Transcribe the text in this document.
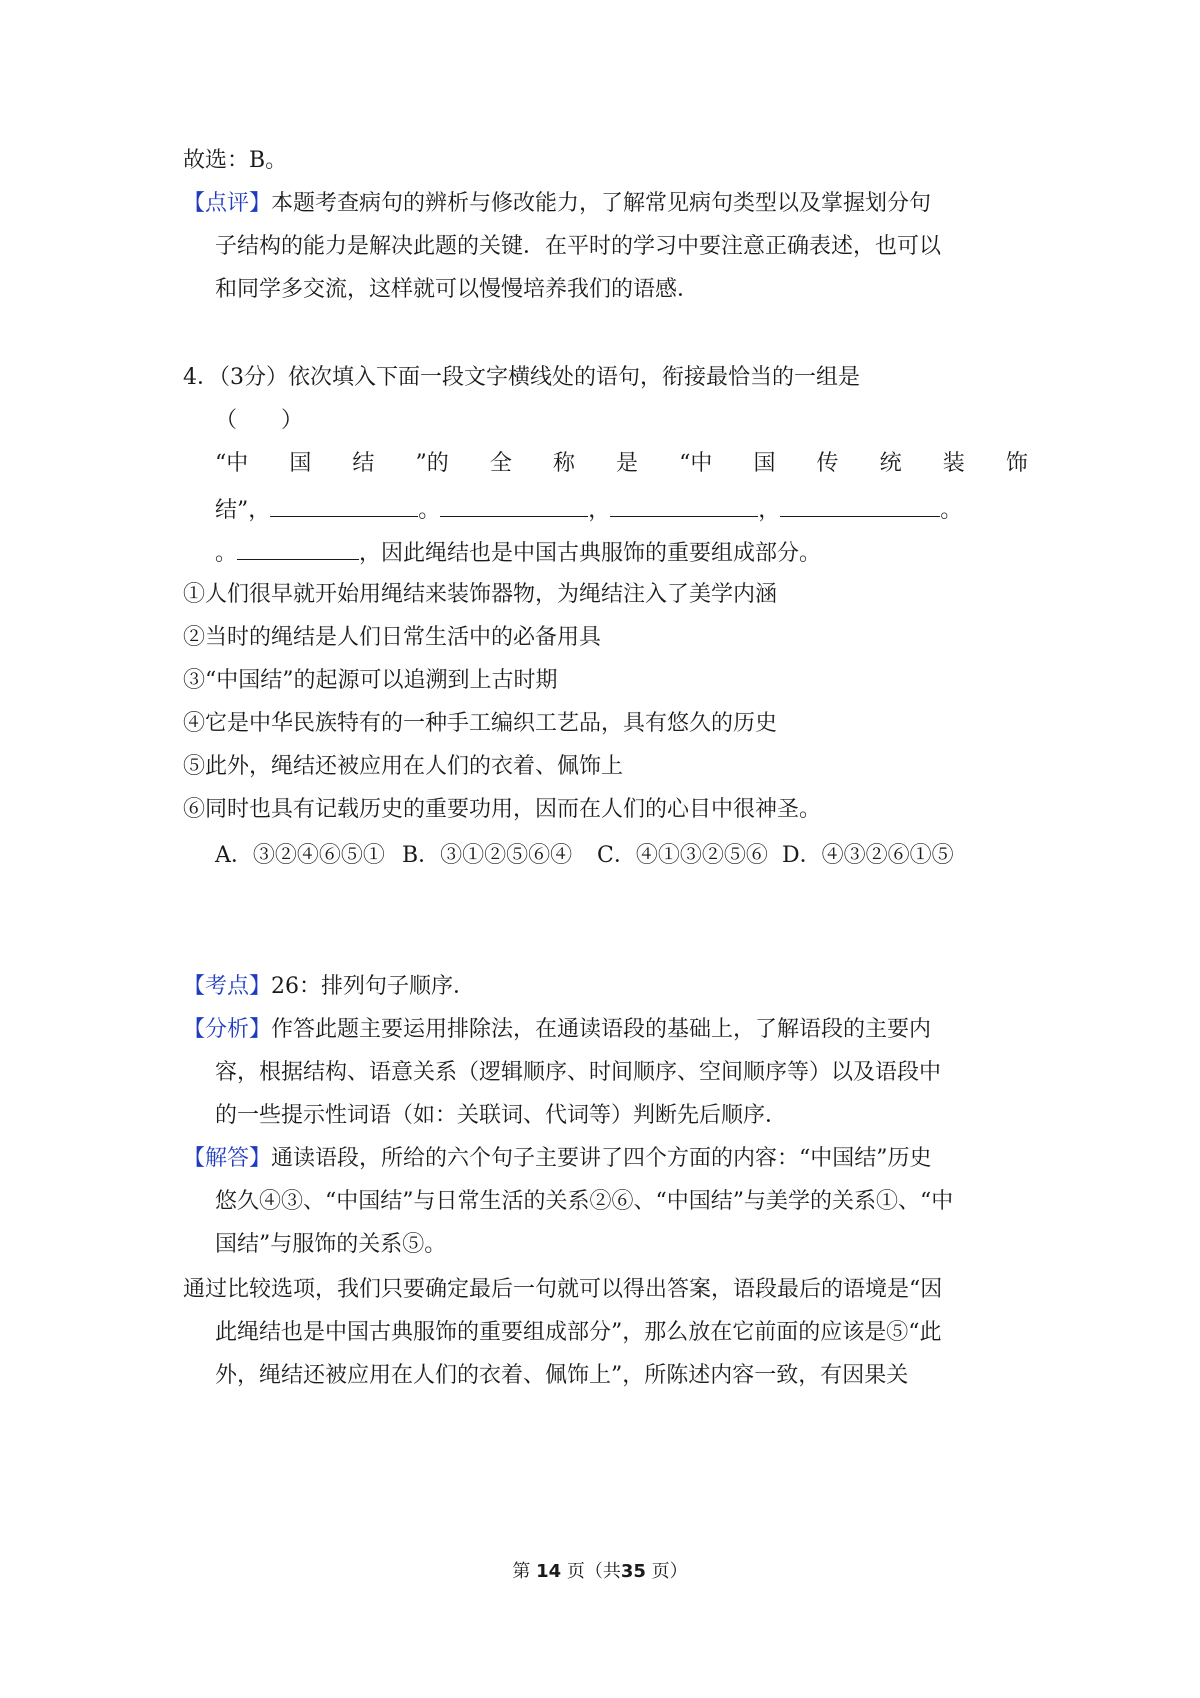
故选：B。
【点评】本题考查病句的辨析与修改能力，了解常见病句类型以及掌握划分句
子结构的能力是解决此题的关键．在平时的学习中要注意正确表述，也可以
和同学多交流，这样就可以慢慢培养我们的语感．
4．（3分）依次填入下面一段文字横线处的语句，衔接最恰当的一组是
（　　）
“中 国 结 ”的 全 称 是 “中 国 传 统 装 饰
结”，	。	，	，	。
。	，因此绳结也是中国古典服饰的重要组成部分。
①人们很早就开始用绳结来装饰器物，为绳结注入了美学内涵
②当时的绳结是人们日常生活中的必备用具
③“中国结”的起源可以追溯到上古时期
④它是中华民族特有的一种手工编织工艺品，具有悠久的历史
⑤此外，绳结还被应用在人们的衣着、佩饰上
⑥同时也具有记载历史的重要功用，因而在人们的心目中很神圣。
A．③②④⑥⑤① B．③①②⑤⑥④ C．④①③②⑤⑥ D．④③②⑥①⑤
【考点】26：排列句子顺序．
【分析】作答此题主要运用排除法，在通读语段的基础上，了解语段的主要内
容，根据结构、语意关系（逻辑顺序、时间顺序、空间顺序等）以及语段中
的一些提示性词语（如：关联词、代词等）判断先后顺序．
【解答】通读语段，所给的六个句子主要讲了四个方面的内容：“中国结”历史
悠久④③、“中国结”与日常生活的关系②⑥、“中国结”与美学的关系①、“中
国结”与服饰的关系⑤。
通过比较选项，我们只要确定最后一句就可以得出答案，语段最后的语境是“因
此绳结也是中国古典服饰的重要组成部分”，那么放在它前面的应该是⑤“此
外，绳结还被应用在人们的衣着、佩饰上”，所陈述内容一致，有因果关
第 14 页（共35 页）
